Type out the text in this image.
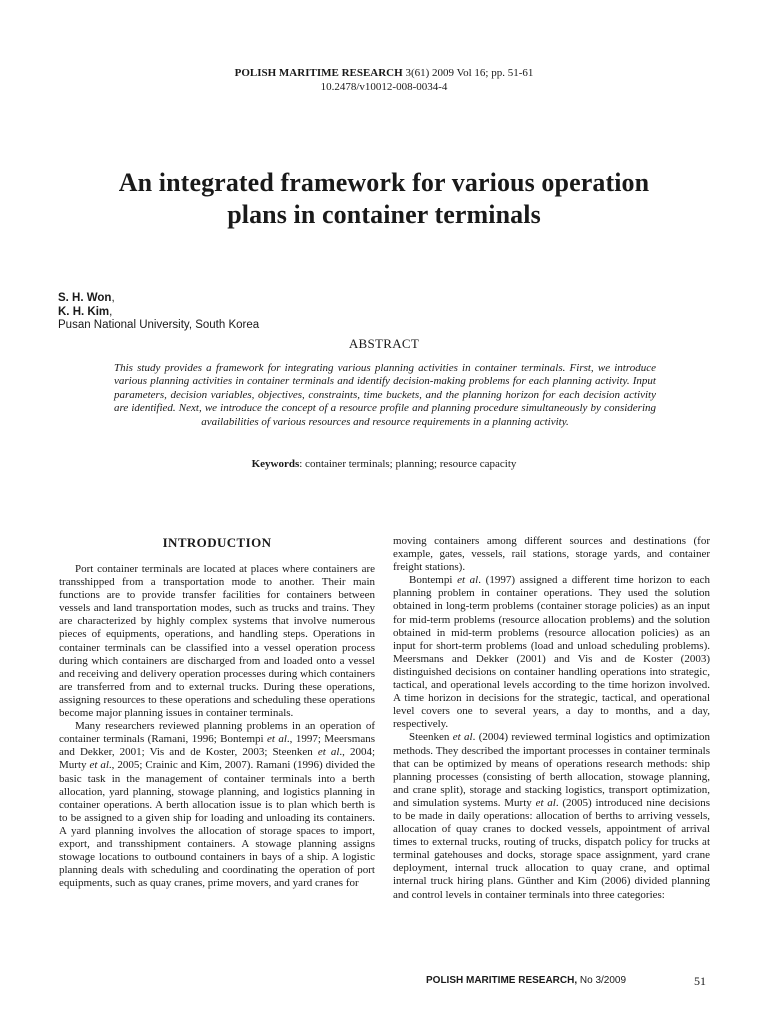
POLISH MARITIME RESEARCH 3(61) 2009 Vol 16; pp. 51-61
10.2478/v10012-008-0034-4
An integrated framework for various operation
plans in container terminals
S. H. Won,
K. H. Kim,
Pusan National University, South Korea
ABSTRACT
This study provides a framework for integrating various planning activities in container terminals. First, we introduce various planning activities in container terminals and identify decision-making problems for each planning activity. Input parameters, decision variables, objectives, constraints, time buckets, and the planning horizon for each decision activity are identified. Next, we introduce the concept of a resource profile and planning procedure simultaneously by considering availabilities of various resources and resource requirements in a planning activity.
Keywords: container terminals; planning; resource capacity
INTRODUCTION

Port container terminals are located at places where containers are transshipped from a transportation mode to another. Their main functions are to provide transfer facilities for containers between vessels and land transportation modes, such as trucks and trains. They are characterized by highly complex systems that involve numerous pieces of equipments, operations, and handling steps. Operations in container terminals can be classified into a vessel operation process during which containers are discharged from and loaded onto a vessel and receiving and delivery operation processes during which containers are transferred from and to external trucks. During these operations, assigning resources to these operations and scheduling these operations become major planning issues in container terminals.

Many researchers reviewed planning problems in an operation of container terminals (Ramani, 1996; Bontempi et al., 1997; Meersmans and Dekker, 2001; Vis and de Koster, 2003; Steenken et al., 2004; Murty et al., 2005; Crainic and Kim, 2007). Ramani (1996) divided the basic task in the management of container terminals into a berth allocation, yard planning, stowage planning, and logistics planning in container operations. A berth allocation issue is to plan which berth is to be assigned to a given ship for loading and unloading its containers. A yard planning involves the allocation of storage spaces to import, export, and transshipment containers. A stowage planning assigns stowage locations to outbound containers in bays of a ship. A logistic planning deals with scheduling and coordinating the operation of port equipments, such as quay cranes, prime movers, and yard cranes for

moving containers among different sources and destinations (for example, gates, vessels, rail stations, storage yards, and container freight stations).

Bontempi et al. (1997) assigned a different time horizon to each planning problem in container operations. They used the solution obtained in long-term problems (container storage policies) as an input for mid-term problems (resource allocation problems) and the solution obtained in mid-term problems (resource allocation policies) as an input for short-term problems (load and unload scheduling problems). Meersmans and Dekker (2001) and Vis and de Koster (2003) distinguished decisions on container handling operations into strategic, tactical, and operational levels according to the time horizon involved. A time horizon in decisions for the strategic, tactical, and operational level covers one to several years, a day to months, and a day, respectively.

Steenken et al. (2004) reviewed terminal logistics and optimization methods. They described the important processes in container terminals that can be optimized by means of operations research methods: ship planning processes (consisting of berth allocation, stowage planning, and crane split), storage and stacking logistics, transport optimization, and simulation systems. Murty et al. (2005) introduced nine decisions to be made in daily operations: allocation of berths to arriving vessels, allocation of quay cranes to docked vessels, appointment of arrival times to external trucks, routing of trucks, dispatch policy for trucks at terminal gatehouses and docks, storage space assignment, yard crane deployment, internal truck allocation to quay crane, and optimal internal truck hiring plans. Günther and Kim (2006) divided planning and control levels in container terminals into three categories:

POLISH MARITIME RESEARCH, No 3/2009	51
